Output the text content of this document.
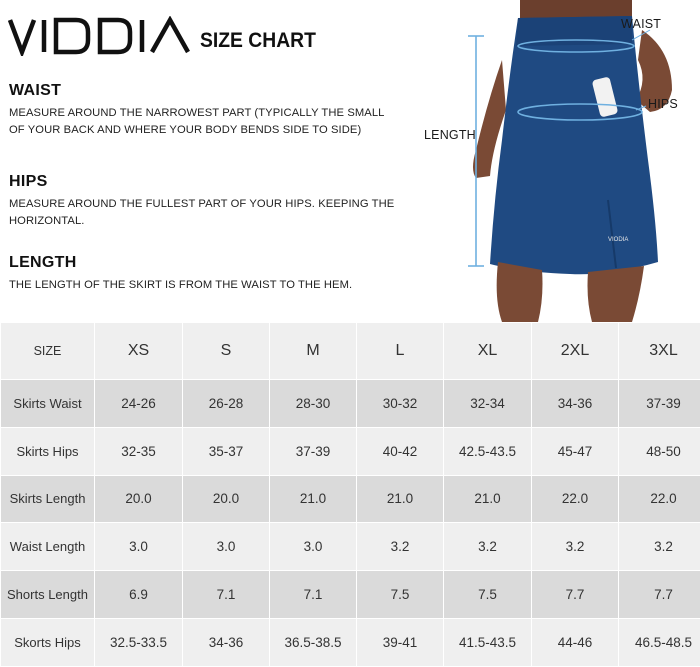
SIZE CHART
WAIST

MEASURE AROUND THE NARROWEST PART (TYPICALLY THE SMALL OF YOUR BACK AND WHERE YOUR BODY BENDS SIDE TO SIDE)

HIPS

MEASURE AROUND THE FULLEST PART OF YOUR HIPS. KEEPING THE HORIZONTAL.

LENGTH

THE LENGTH OF THE SKIRT IS FROM THE WAIST TO THE HEM.

VIODIA
WAIST
HIPS
LENGTH
SIZE	XS	S	M	L	XL	2XL	3XL
Skirts Waist	24-26	26-28	28-30	30-32	32-34	34-36	37-39
Skirts Hips	32-35	35-37	37-39	40-42	42.5-43.5	45-47	48-50
Skirts Length	20.0	20.0	21.0	21.0	21.0	22.0	22.0
Waist Length	3.0	3.0	3.0	3.2	3.2	3.2	3.2
Shorts Length	6.9	7.1	7.1	7.5	7.5	7.7	7.7
Skorts Hips	32.5-33.5	34-36	36.5-38.5	39-41	41.5-43.5	44-46	46.5-48.5
